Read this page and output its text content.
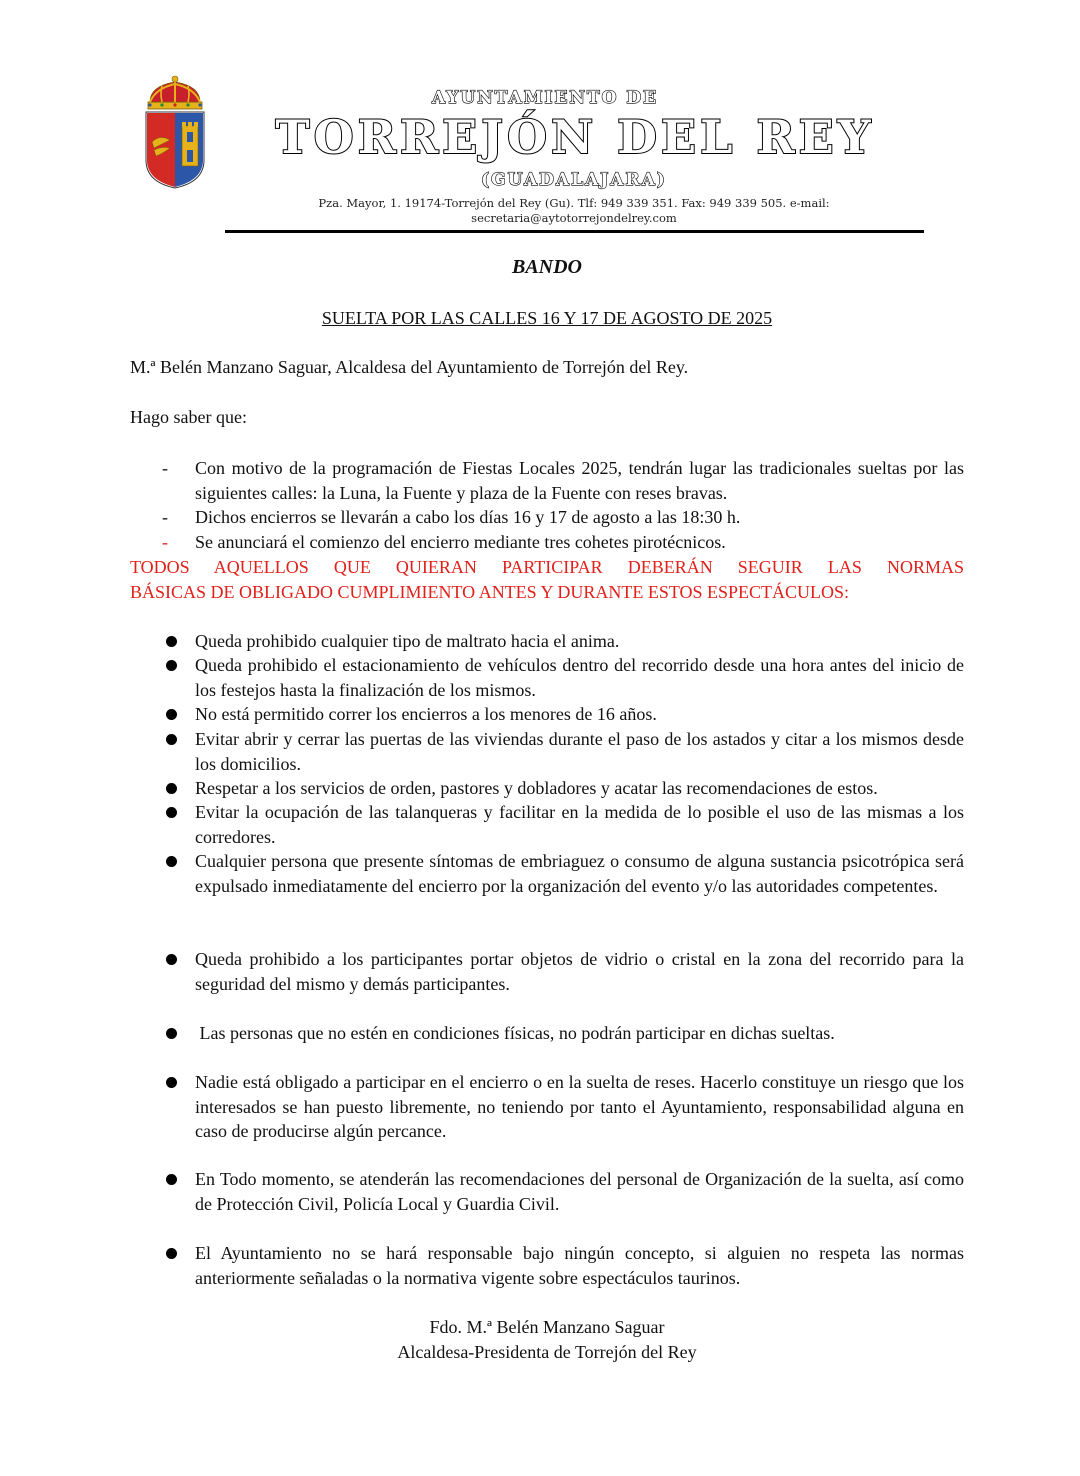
AYUNTAMIENTO DE
TORREJÓN DEL REY
(GUADALAJARA)
Pza. Mayor, 1. 19174-Torrejón del Rey (Gu). Tlf: 949 339 351. Fax: 949 339 505. e-mail:
secretaria@aytotorrejondelrey.com
BANDO
SUELTA POR LAS CALLES 16 Y 17 DE AGOSTO DE 2025
M.ª Belén Manzano Saguar, Alcaldesa del Ayuntamiento de Torrejón del Rey.
Hago saber que:
- Con motivo de la programación de Fiestas Locales 2025, tendrán lugar las tradicionales sueltas por las siguientes calles: la Luna, la Fuente y plaza de la Fuente con reses bravas.
- Dichos encierros se llevarán a cabo los días 16 y 17 de agosto a las 18:30 h.
- Se anunciará el comienzo del encierro mediante tres cohetes pirotécnicos.
TODOS AQUELLOS QUE QUIERAN PARTICIPAR DEBERÁN SEGUIR LAS NORMAS
BÁSICAS DE OBLIGADO CUMPLIMIENTO ANTES Y DURANTE ESTOS ESPECTÁCULOS:
Queda prohibido cualquier tipo de maltrato hacia el anima.
Queda prohibido el estacionamiento de vehículos dentro del recorrido desde una hora antes del inicio de los festejos hasta la finalización de los mismos.
No está permitido correr los encierros a los menores de 16 años.
Evitar abrir y cerrar las puertas de las viviendas durante el paso de los astados y citar a los mismos desde los domicilios.
Respetar a los servicios de orden, pastores y dobladores y acatar las recomendaciones de estos.
Evitar la ocupación de las talanqueras y facilitar en la medida de lo posible el uso de las mismas a los corredores.
Cualquier persona que presente síntomas de embriaguez o consumo de alguna sustancia psicotrópica será expulsado inmediatamente del encierro por la organización del evento y/o las autoridades competentes.
Queda prohibido a los participantes portar objetos de vidrio o cristal en la zona del recorrido para la seguridad del mismo y demás participantes.
Las personas que no estén en condiciones físicas, no podrán participar en dichas sueltas.
Nadie está obligado a participar en el encierro o en la suelta de reses. Hacerlo constituye un riesgo que los interesados se han puesto libremente, no teniendo por tanto el Ayuntamiento, responsabilidad alguna en caso de producirse algún percance.
En Todo momento, se atenderán las recomendaciones del personal de Organización de la suelta, así como de Protección Civil, Policía Local y Guardia Civil.
El Ayuntamiento no se hará responsable bajo ningún concepto, si alguien no respeta las normas anteriormente señaladas o la normativa vigente sobre espectáculos taurinos.
Fdo. M.ª Belén Manzano Saguar
Alcaldesa-Presidenta de Torrejón del Rey
